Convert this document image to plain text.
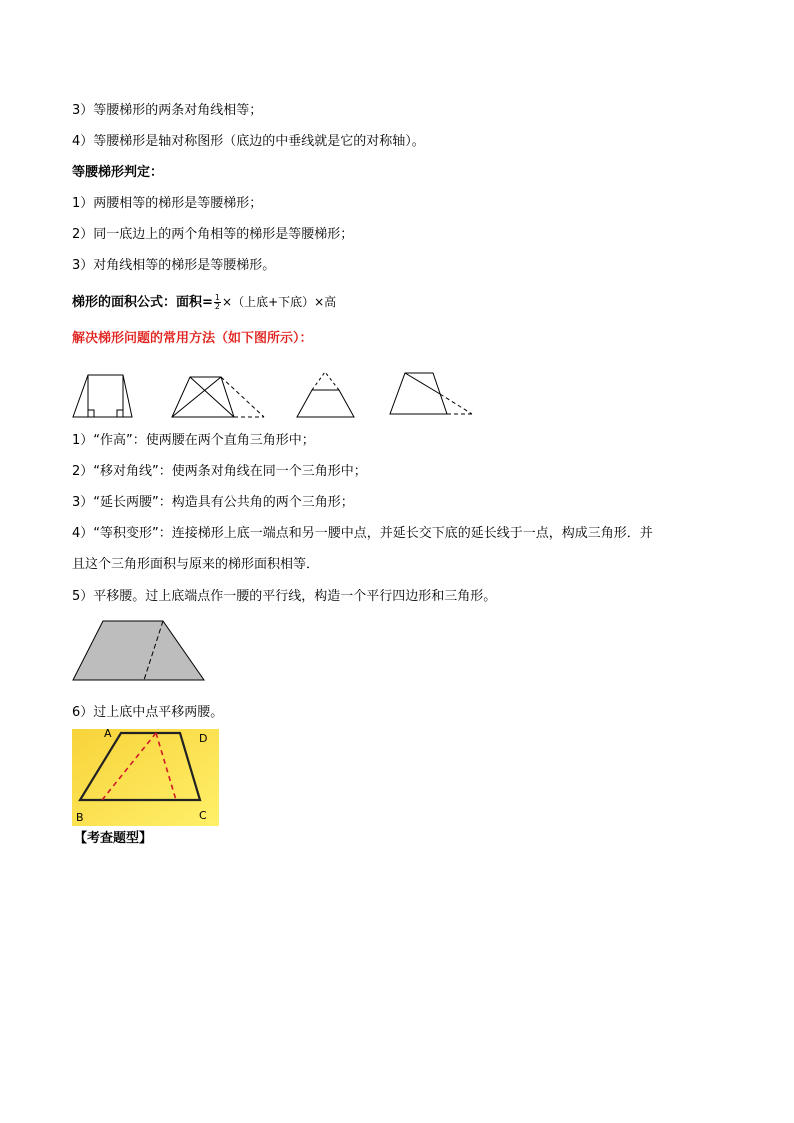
3）等腰梯形的两条对角线相等；
4）等腰梯形是轴对称图形（底边的中垂线就是它的对称轴）。
等腰梯形判定：
1）两腰相等的梯形是等腰梯形；
2）同一底边上的两个角相等的梯形是等腰梯形；
3）对角线相等的梯形是等腰梯形。
梯形的面积公式：面积= $\frac{1}{2}$ ×（上底+下底）×高
解决梯形问题的常用方法（如下图所示）：
1）“作高”：使两腰在两个直角三角形中；
2）“移对角线”：使两条对角线在同一个三角形中；
3）“延长两腰”：构造具有公共角的两个三角形；
4）“等积变形”：连接梯形上底一端点和另一腰中点，并延长交下底的延长线于一点，构成三角形．并
且这个三角形面积与原来的梯形面积相等．
5）平移腰。过上底端点作一腰的平行线，构造一个平行四边形和三角形。
6）过上底中点平移两腰。
A	D
B	C
【考查题型】
